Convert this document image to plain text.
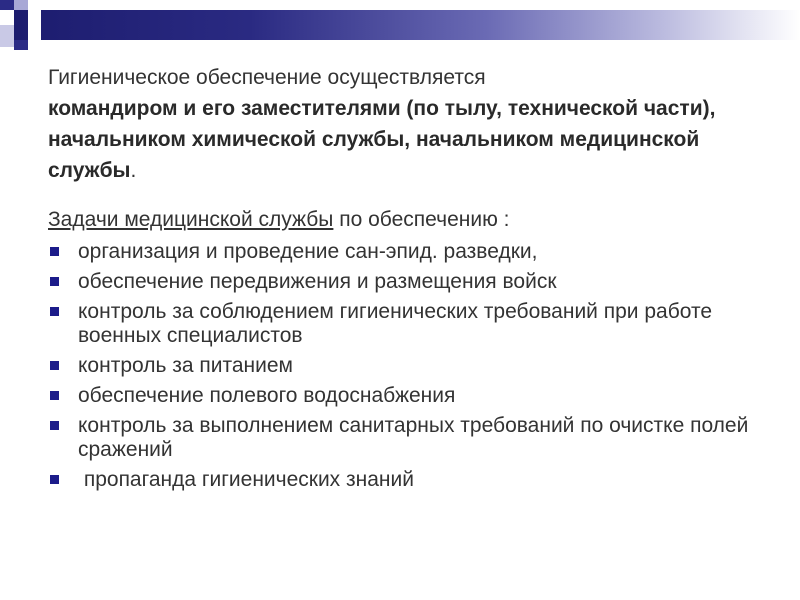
Гигиеническое обеспечение осуществляется
командиром и его заместителями (по тылу, технической части), начальником химической службы, начальником медицинской службы.

Задачи медицинской службы по обеспечению :
организация и проведение сан-эпид. разведки,
обеспечение передвижения и размещения войск
контроль за соблюдением гигиенических требований при работе военных специалистов
контроль за питанием
обеспечение полевого водоснабжения
контроль за выполнением санитарных требований по очистке полей сражений
пропаганда гигиенических знаний
